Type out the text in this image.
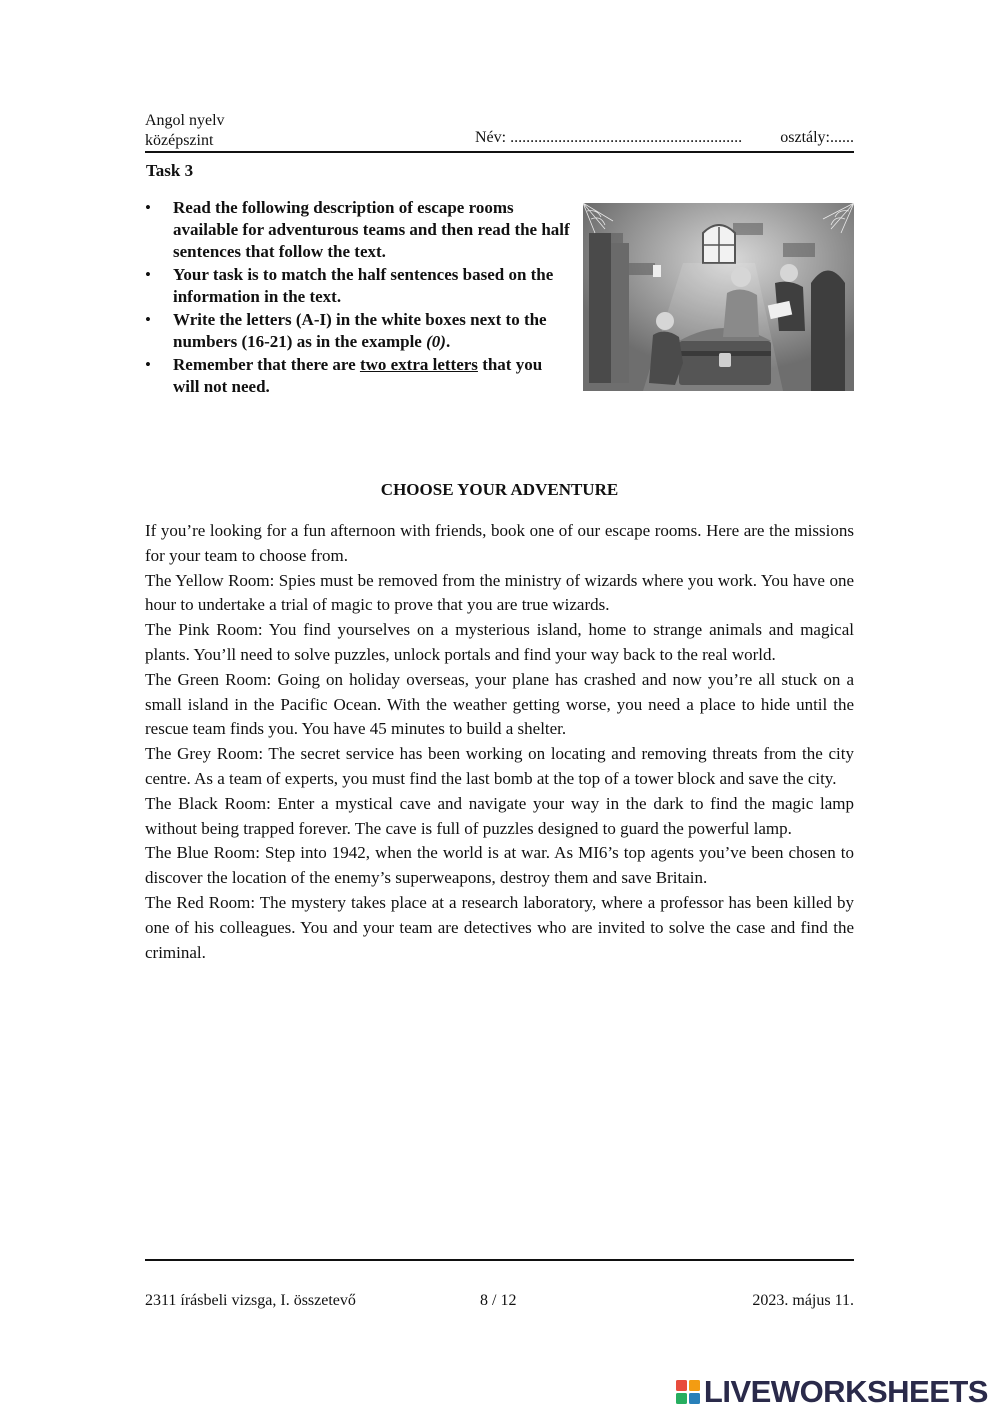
Angol nyelv
középszint	Név: .......................................................... osztály:......
Task 3
• Read the following description of escape rooms available for adventurous teams and then read the half sentences that follow the text.
• Your task is to match the half sentences based on the information in the text.
• Write the letters (A-I) in the white boxes next to the numbers (16-21) as in the example (0).
• Remember that there are two extra letters that you will not need.
CHOOSE YOUR ADVENTURE

If you’re looking for a fun afternoon with friends, book one of our escape rooms. Here are the missions for your team to choose from.

The Yellow Room: Spies must be removed from the ministry of wizards where you work. You have one hour to undertake a trial of magic to prove that you are true wizards.

The Pink Room: You find yourselves on a mysterious island, home to strange animals and magical plants. You’ll need to solve puzzles, unlock portals and find your way back to the real world.

The Green Room: Going on holiday overseas, your plane has crashed and now you’re all stuck on a small island in the Pacific Ocean. With the weather getting worse, you need a place to hide until the rescue team finds you. You have 45 minutes to build a shelter.

The Grey Room: The secret service has been working on locating and removing threats from the city centre. As a team of experts, you must find the last bomb at the top of a tower block and save the city.

The Black Room: Enter a mystical cave and navigate your way in the dark to find the magic lamp without being trapped forever. The cave is full of puzzles designed to guard the powerful lamp.

The Blue Room: Step into 1942, when the world is at war. As MI6’s top agents you’ve been chosen to discover the location of the enemy’s superweapons, destroy them and save Britain.

The Red Room: The mystery takes place at a research laboratory, where a professor has been killed by one of his colleagues. You and your team are detectives who are invited to solve the case and find the criminal.

2311 írásbeli vizsga, I. összetevő	8 / 12	2023. május 11.
LIVEWORKSHEETS
